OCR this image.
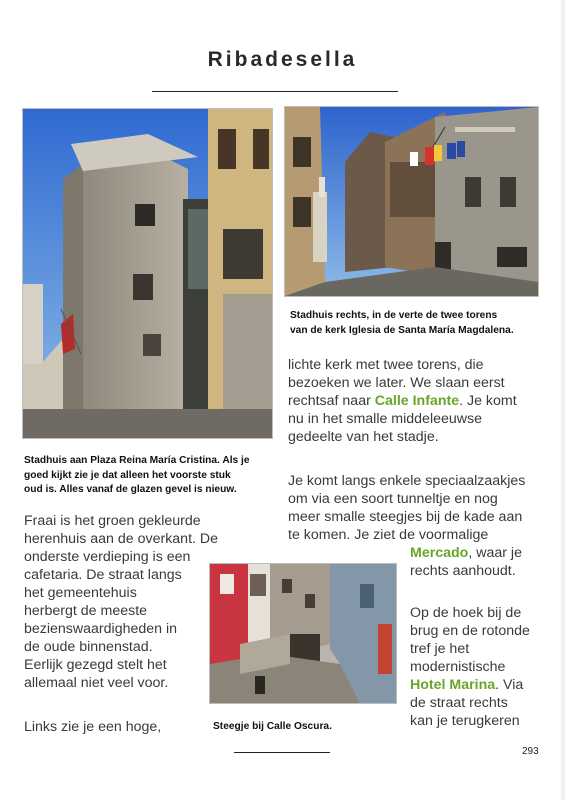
Ribadesella
Stadhuis aan Plaza Reina María Cristina. Als je
goed kijkt zie je dat alleen het voorste stuk
oud is. Alles vanaf de glazen gevel is nieuw.
Stadhuis rechts, in de verte de twee torens
van de kerk Iglesia de Santa María Magdalena.
lichte kerk met twee torens, die
bezoeken we later. We slaan eerst
rechtsaf naar Calle Infante. Je komt
nu in het smalle middeleeuwse
gedeelte van het stadje.
Je komt langs enkele speciaalzaakjes
om via een soort tunneltje en nog
meer smalle steegjes bij de kade aan
te komen. Je ziet de voormalige
Mercado, waar je
rechts aanhoudt.
Op de hoek bij de
brug en de rotonde
tref je het
modernistische
Hotel Marina. Via
de straat rechts
kan je terugkeren
Fraai is het groen gekleurde
herenhuis aan de overkant. De
onderste verdieping is een
cafetaria. De straat langs
het gemeentehuis
herbergt de meeste
bezienswaardigheden in
de oude binnenstad.
Eerlijk gezegd stelt het
allemaal niet veel voor.
Links zie je een hoge,	Steegje bij Calle Oscura.
293
